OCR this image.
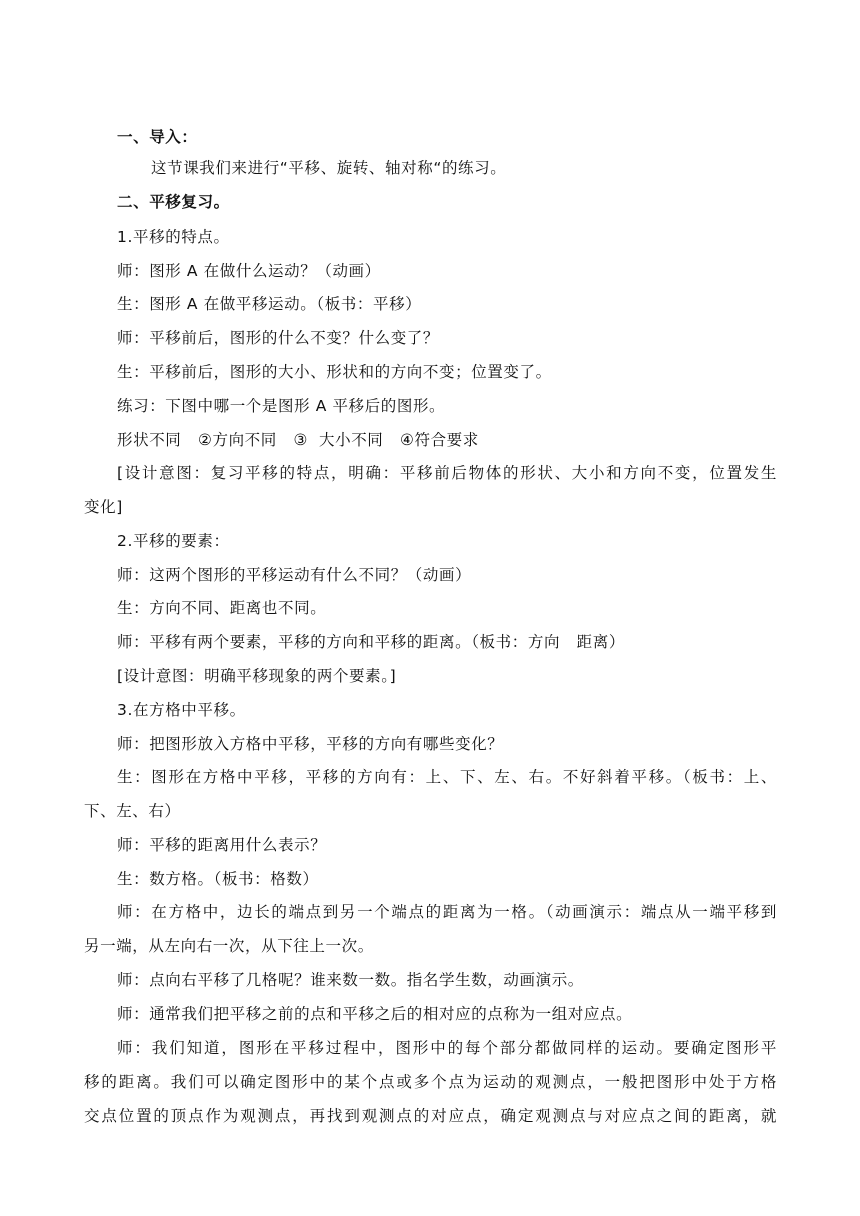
一、导入：
这节课我们来进行“平移、旋转、轴对称“的练习。
二、平移复习。
1.平移的特点。
师：图形 A 在做什么运动？（动画）
生：图形 A 在做平移运动。（板书：平移）
师：平移前后，图形的什么不变？什么变了？
生：平移前后，图形的大小、形状和的方向不变；位置变了。
练习：下图中哪一个是图形 A 平移后的图形。
形状不同   ②方向不同   ③  大小不同   ④符合要求
[设计意图：复习平移的特点，明确：平移前后物体的形状、大小和方向不变，位置发生
变化]
2.平移的要素：
师：这两个图形的平移运动有什么不同？（动画）
生：方向不同、距离也不同。
师：平移有两个要素，平移的方向和平移的距离。（板书：方向   距离）
[设计意图：明确平移现象的两个要素。]
3.在方格中平移。
师：把图形放入方格中平移，平移的方向有哪些变化？
生：图形在方格中平移，平移的方向有：上、下、左、右。不好斜着平移。（板书：上、
下、左、右）
师：平移的距离用什么表示？
生：数方格。（板书：格数）
师：在方格中，边长的端点到另一个端点的距离为一格。（动画演示：端点从一端平移到
另一端，从左向右一次，从下往上一次。
师：点向右平移了几格呢？谁来数一数。指名学生数，动画演示。
师：通常我们把平移之前的点和平移之后的相对应的点称为一组对应点。
师：我们知道，图形在平移过程中，图形中的每个部分都做同样的运动。要确定图形平
移的距离。我们可以确定图形中的某个点或多个点为运动的观测点，一般把图形中处于方格
交点位置的顶点作为观测点，再找到观测点的对应点，确定观测点与对应点之间的距离，就
